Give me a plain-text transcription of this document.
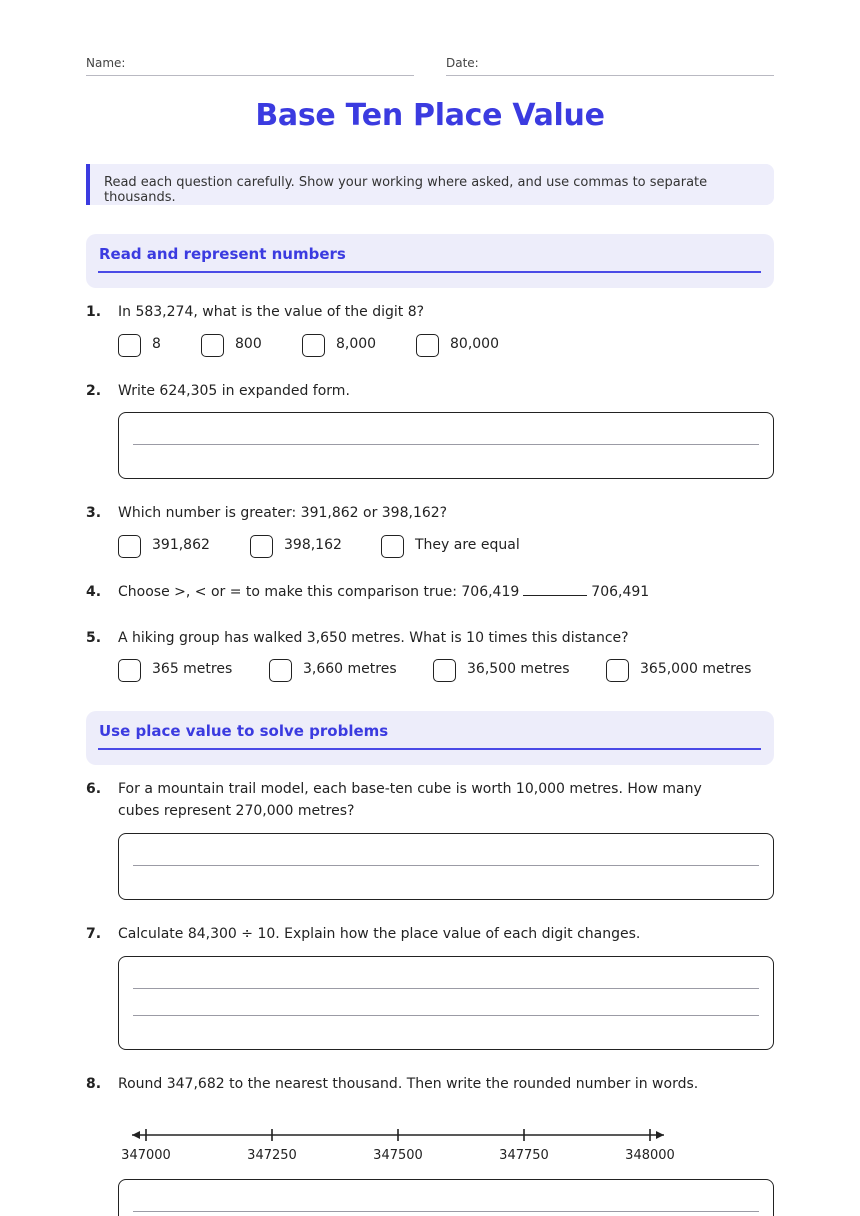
Name:	Date:
Base Ten Place Value
Read each question carefully. Show your working where asked, and use commas to separate thousands.
Read and represent numbers
1. In 583,274, what is the value of the digit 8?
8	800	8,000	80,000
2. Write 624,305 in expanded form.
3. Which number is greater: 391,862 or 398,162?
391,862	398,162	They are equal
4. Choose >, < or = to make this comparison true: 706,419	706,491
5. A hiking group has walked 3,650 metres. What is 10 times this distance?
365 metres	3,660 metres	36,500 metres	365,000 metres
Use place value to solve problems
6. For a mountain trail model, each base-ten cube is worth 10,000 metres. How many cubes represent 270,000 metres?
7. Calculate 84,300 ÷ 10. Explain how the place value of each digit changes.
8. Round 347,682 to the nearest thousand. Then write the rounded number in words.
347000	347250	347500	347750	348000
